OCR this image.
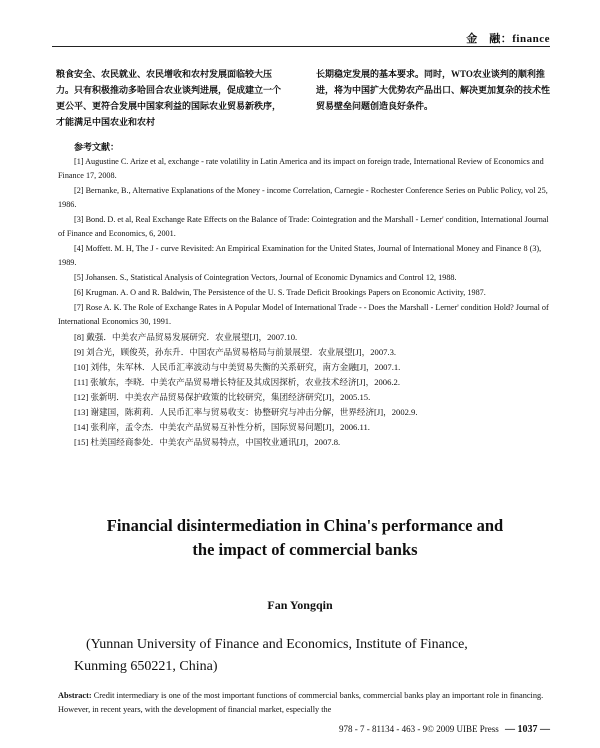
金　融：finance
粮食安全、农民就业、农民增收和农村发展面临较大压力。只有积极推动多哈回合农业谈判进展，促成建立一个更公平、更符合发展中国家利益的国际农业贸易新秩序，才能满足中国农业和农村
长期稳定发展的基本要求。同时，WTO农业谈判的顺利推进，将为中国扩大优势农产品出口、解决更加复杂的技术性贸易壁垒问题创造良好条件。
参考文献：

[1] Augustine C. Arize et al, exchange - rate volatility in Latin America and its impact on foreign trade, International Review of Economics and Finance 17, 2008.

[2] Bernanke, B., Alternative Explanations of the Money - income Correlation, Carnegie - Rochester Conference Series on Public Policy, vol 25, 1986.

[3] Bond. D. et al, Real Exchange Rate Effects on the Balance of Trade: Cointegration and the Marshall - Lerner' condition, International Journal of Finance and Economics, 6, 2001.

[4] Moffett. M. H, The J - curve Revisited: An Empirical Examination for the United States, Journal of International Money and Finance 8 (3), 1989.

[5] Johansen. S., Statistical Analysis of Cointegration Vectors, Journal of Economic Dynamics and Control 12, 1988.

[6] Krugman. A. O and R. Baldwin, The Persistence of the U. S. Trade Deficit Brookings Papers on Economic Activity, 1987.

[7] Rose A. K. The Role of Exchange Rates in A Popular Model of International Trade - - Does the Marshall - Lerner' condition Hold? Journal of International Economics 30, 1991.

[8] 戴强．中美农产品贸易发展研究．农业展望[J]，2007.10.

[9] 刘合光，顾俊英，孙东升．中国农产品贸易格局与前景展望．农业展望[J]，2007.3.

[10] 刘伟，朱军林．人民币汇率波动与中美贸易失衡的关系研究，南方金融[J]，2007.1.

[11] 张敏东，李晓．中美农产品贸易增长特征及其成因探析，农业技术经济[J]，2006.2.

[12] 张新明．中美农产品贸易保护政策的比较研究，集团经济研究[J]，2005.15.

[13] 谢建国，陈莉莉．人民币汇率与贸易收支：协整研究与冲击分解，世界经济[J]，2002.9.

[14] 张利庠，孟令杰．中美农产品贸易互补性分析，国际贸易问题[J]，2006.11.

[15] 杜美国经商参处．中美农产品贸易特点，中国牧业通讯[J]，2007.8.

Financial disintermediation in China's performance and
the impact of commercial banks
Fan Yongqin
(Yunnan University of Finance and Economics, Institute of Finance,
Kunming 650221, China)
Abstract: Credit intermediary is one of the most important functions of commercial banks, commercial banks play an important role in financing. However, in recent years, with the development of financial market, especially the
978 - 7 - 81134 - 463 - 9© 2009 UIBE Press — 1037 —
